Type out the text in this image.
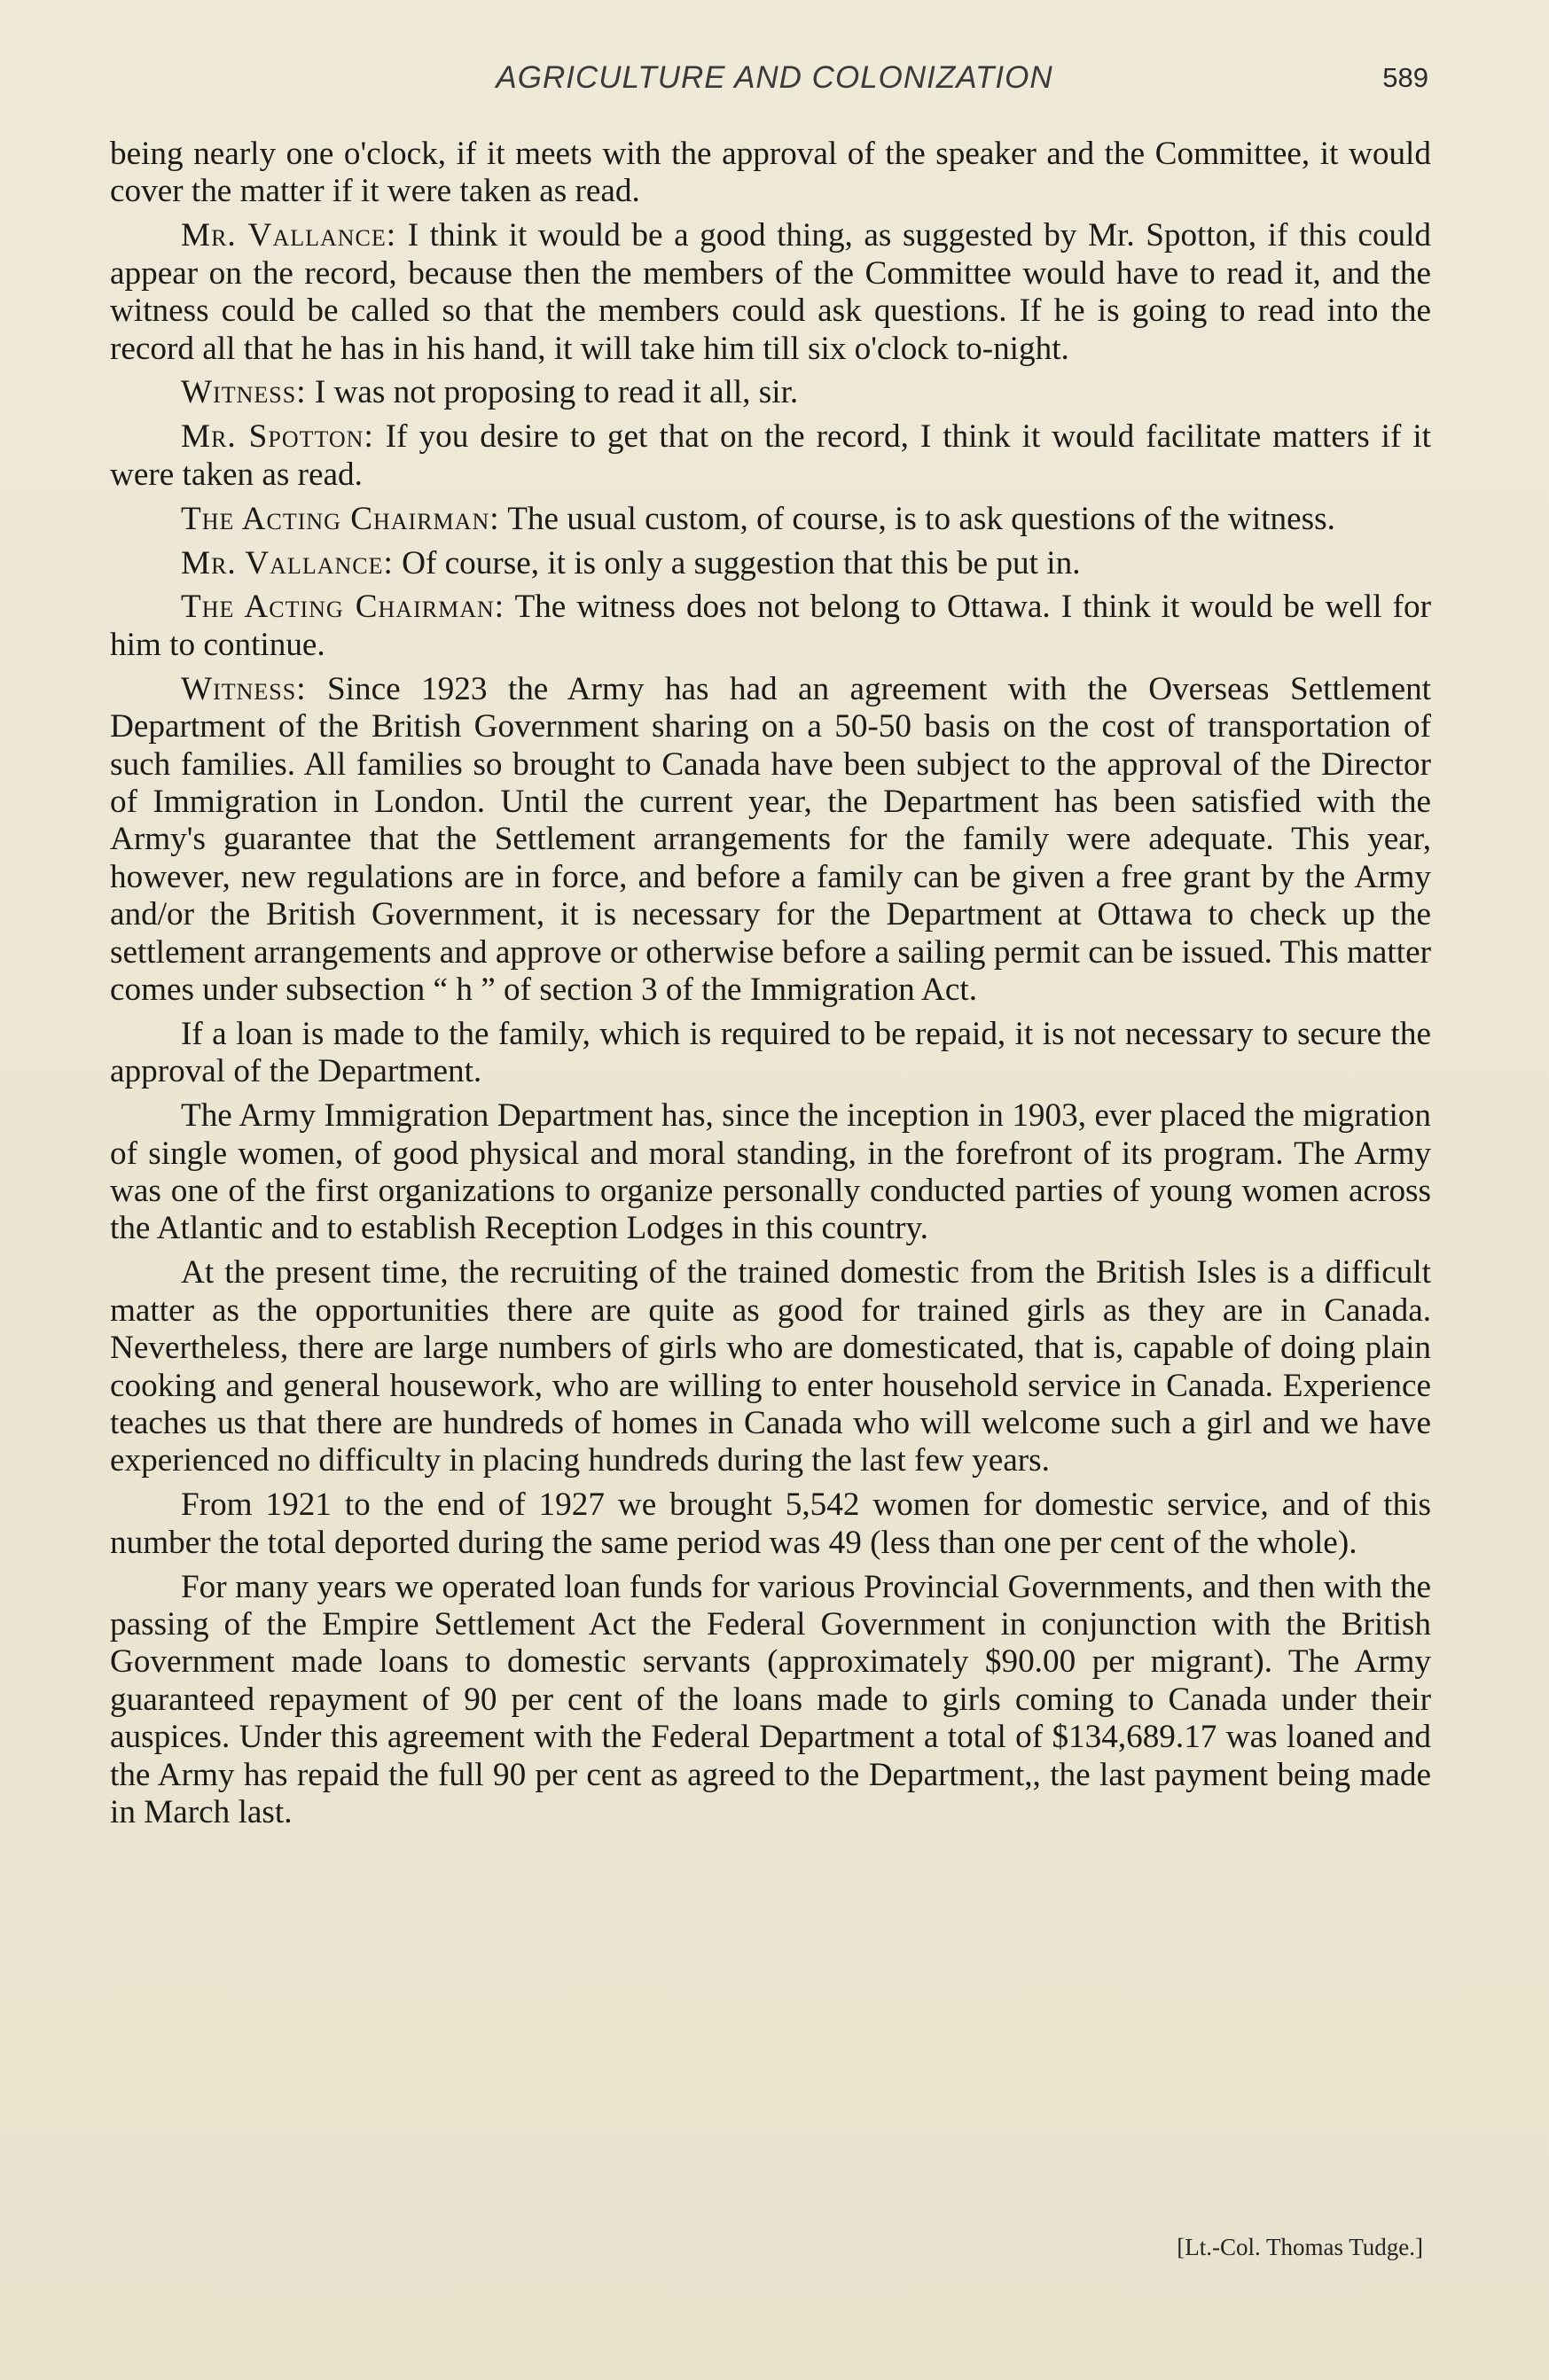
AGRICULTURE AND COLONIZATION	589

being nearly one o'clock, if it meets with the approval of the speaker and the Committee, it would cover the matter if it were taken as read.

Mr. Vallance: I think it would be a good thing, as suggested by Mr. Spotton, if this could appear on the record, because then the members of the Committee would have to read it, and the witness could be called so that the members could ask questions. If he is going to read into the record all that he has in his hand, it will take him till six o'clock to-night.

Witness: I was not proposing to read it all, sir.

Mr. Spotton: If you desire to get that on the record, I think it would facilitate matters if it were taken as read.

The Acting Chairman: The usual custom, of course, is to ask questions of the witness.

Mr. Vallance: Of course, it is only a suggestion that this be put in.

The Acting Chairman: The witness does not belong to Ottawa. I think it would be well for him to continue.

Witness: Since 1923 the Army has had an agreement with the Overseas Settlement Department of the British Government sharing on a 50-50 basis on the cost of transportation of such families. All families so brought to Canada have been subject to the approval of the Director of Immigration in London. Until the current year, the Department has been satisfied with the Army's guarantee that the Settlement arrangements for the family were adequate. This year, however, new regulations are in force, and before a family can be given a free grant by the Army and/or the British Government, it is necessary for the Department at Ottawa to check up the settlement arrangements and approve or otherwise before a sailing permit can be issued. This matter comes under subsection “ h ” of section 3 of the Immigration Act.

If a loan is made to the family, which is required to be repaid, it is not necessary to secure the approval of the Department.

The Army Immigration Department has, since the inception in 1903, ever placed the migration of single women, of good physical and moral standing, in the forefront of its program. The Army was one of the first organizations to organize personally conducted parties of young women across the Atlantic and to establish Reception Lodges in this country.

At the present time, the recruiting of the trained domestic from the British Isles is a difficult matter as the opportunities there are quite as good for trained girls as they are in Canada. Nevertheless, there are large numbers of girls who are domesticated, that is, capable of doing plain cooking and general housework, who are willing to enter household service in Canada. Experience teaches us that there are hundreds of homes in Canada who will welcome such a girl and we have experienced no difficulty in placing hundreds during the last few years.

From 1921 to the end of 1927 we brought 5,542 women for domestic service, and of this number the total deported during the same period was 49 (less than one per cent of the whole).

For many years we operated loan funds for various Provincial Governments, and then with the passing of the Empire Settlement Act the Federal Government in conjunction with the British Government made loans to domestic servants (approximately $90.00 per migrant). The Army guaranteed repayment of 90 per cent of the loans made to girls coming to Canada under their auspices. Under this agreement with the Federal Department a total of $134,689.17 was loaned and the Army has repaid the full 90 per cent as agreed to the Department,, the last payment being made in March last.

[Lt.-Col. Thomas Tudge.]
